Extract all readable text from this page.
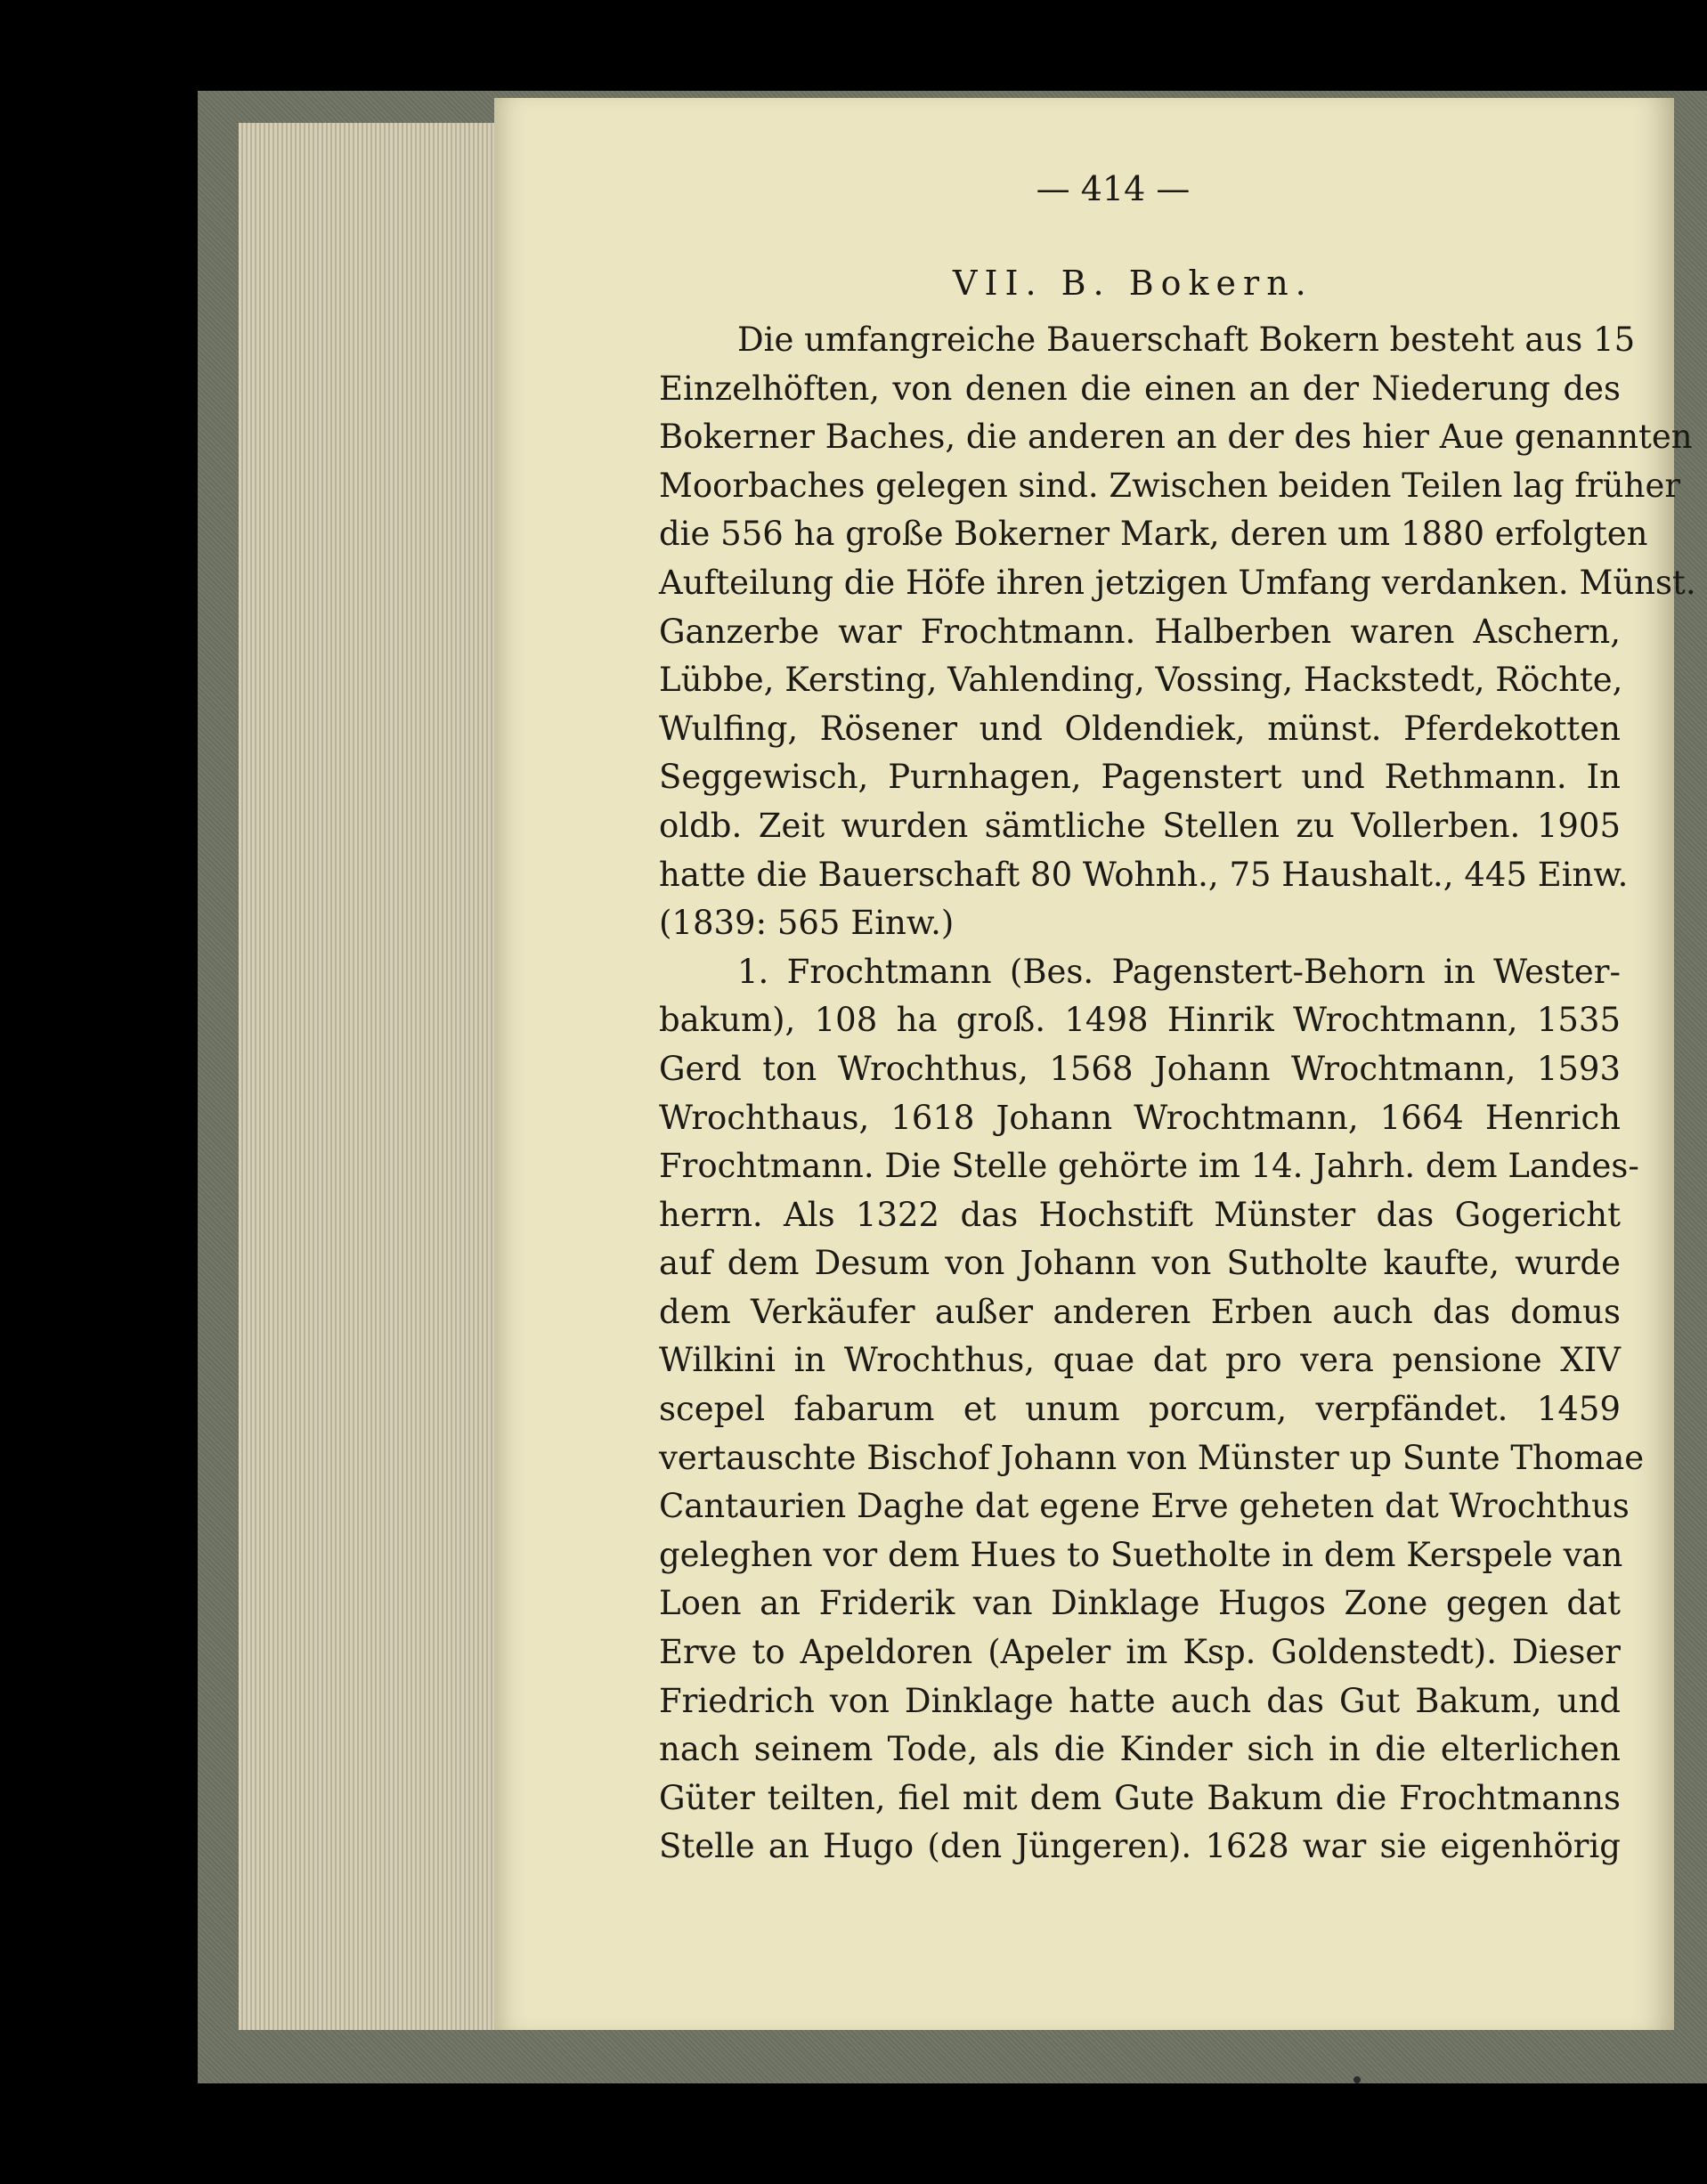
— 414 —
VII. B. Bokern.
Die umfangreiche Bauerschaft Bokern besteht aus 15
Einzelhöften, von denen die einen an der Niederung des
Bokerner Baches, die anderen an der des hier Aue genannten
Moorbaches gelegen sind. Zwischen beiden Teilen lag früher
die 556 ha große Bokerner Mark, deren um 1880 erfolgten
Aufteilung die Höfe ihren jetzigen Umfang verdanken. Münst.
Ganzerbe war Frochtmann. Halberben waren Aschern,
Lübbe, Kersting, Vahlending, Vossing, Hackstedt, Röchte,
Wulfing, Rösener und Oldendiek, münst. Pferdekotten
Seggewisch, Purnhagen, Pagenstert und Rethmann. In
oldb. Zeit wurden sämtliche Stellen zu Vollerben. 1905
hatte die Bauerschaft 80 Wohnh., 75 Haushalt., 445 Einw.
(1839: 565 Einw.)
1. Frochtmann (Bes. Pagenstert-Behorn in Wester-
bakum), 108 ha groß. 1498 Hinrik Wrochtmann, 1535
Gerd ton Wrochthus, 1568 Johann Wrochtmann, 1593
Wrochthaus, 1618 Johann Wrochtmann, 1664 Henrich
Frochtmann. Die Stelle gehörte im 14. Jahrh. dem Landes-
herrn. Als 1322 das Hochstift Münster das Gogericht
auf dem Desum von Johann von Sutholte kaufte, wurde
dem Verkäufer außer anderen Erben auch das domus
Wilkini in Wrochthus, quae dat pro vera pensione XIV
scepel fabarum et unum porcum, verpfändet. 1459
vertauschte Bischof Johann von Münster up Sunte Thomae
Cantaurien Daghe dat egene Erve geheten dat Wrochthus
geleghen vor dem Hues to Suetholte in dem Kerspele van
Loen an Friderik van Dinklage Hugos Zone gegen dat
Erve to Apeldoren (Apeler im Ksp. Goldenstedt). Dieser
Friedrich von Dinklage hatte auch das Gut Bakum, und
nach seinem Tode, als die Kinder sich in die elterlichen
Güter teilten, fiel mit dem Gute Bakum die Frochtmanns
Stelle an Hugo (den Jüngeren). 1628 war sie eigenhörig
